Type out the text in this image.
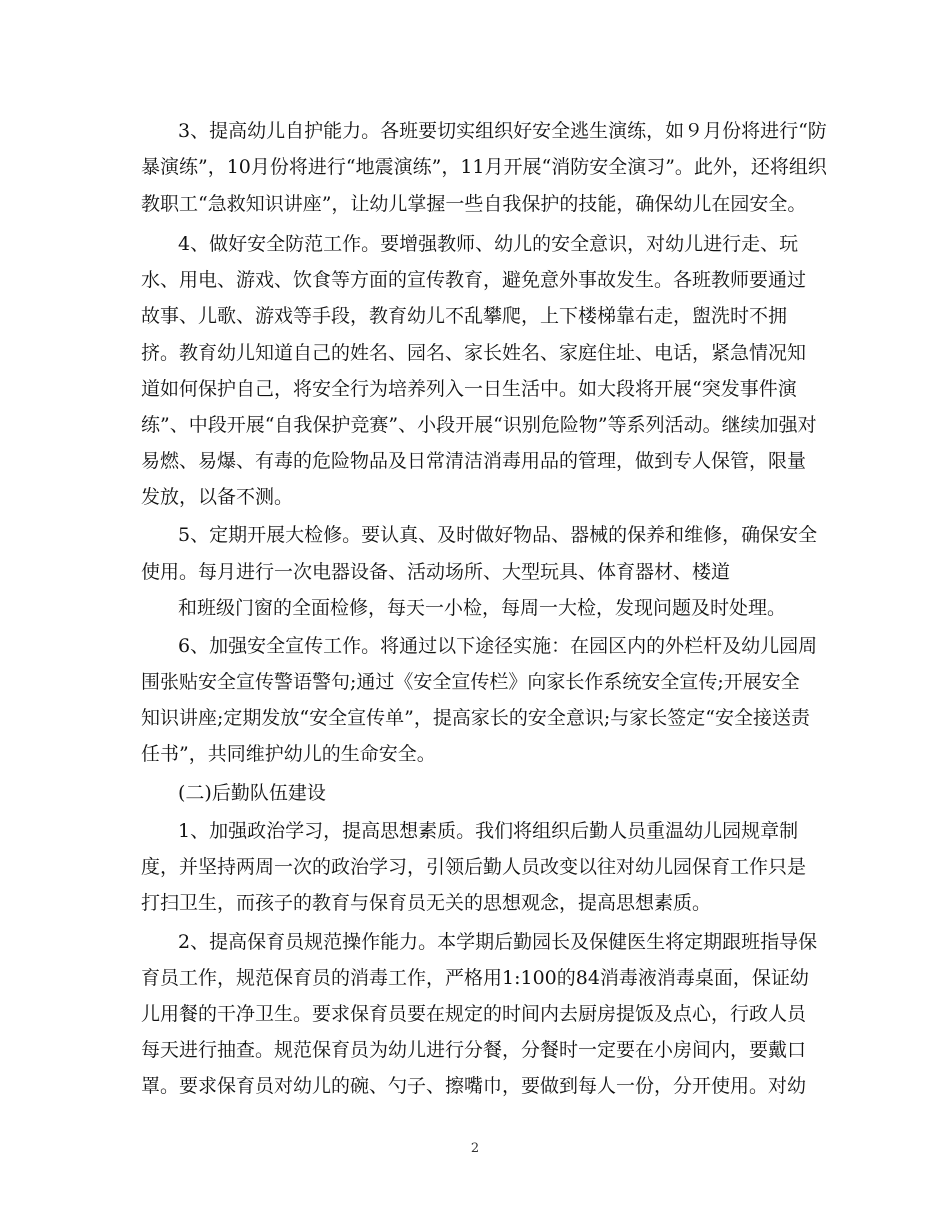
3、提高幼儿自护能力。各班要切实组织好安全逃生演练，如９月份将进行“防
暴演练”，10月份将进行“地震演练”，11月开展“消防安全演习”。此外，还将组织
教职工“急救知识讲座”，让幼儿掌握一些自我保护的技能，确保幼儿在园安全。
4、做好安全防范工作。要增强教师、幼儿的安全意识，对幼儿进行走、玩
水、用电、游戏、饮食等方面的宣传教育，避免意外事故发生。各班教师要通过
故事、儿歌、游戏等手段，教育幼儿不乱攀爬，上下楼梯靠右走，盥洗时不拥
挤。教育幼儿知道自己的姓名、园名、家长姓名、家庭住址、电话，紧急情况知
道如何保护自己，将安全行为培养列入一日生活中。如大段将开展“突发事件演
练”、中段开展“自我保护竞赛”、小段开展“识别危险物”等系列活动。继续加强对
易燃、易爆、有毒的危险物品及日常清洁消毒用品的管理，做到专人保管，限量
发放，以备不测。
5、定期开展大检修。要认真、及时做好物品、器械的保养和维修，确保安全
使用。每月进行一次电器设备、活动场所、大型玩具、体育器材、楼道
和班级门窗的全面检修，每天一小检，每周一大检，发现问题及时处理。
6、加强安全宣传工作。将通过以下途径实施：在园区内的外栏杆及幼儿园周
围张贴安全宣传警语警句;通过《安全宣传栏》向家长作系统安全宣传;开展安全
知识讲座;定期发放“安全宣传单”，提高家长的安全意识;与家长签定“安全接送责
任书”，共同维护幼儿的生命安全。
(二)后勤队伍建设
1、加强政治学习，提高思想素质。我们将组织后勤人员重温幼儿园规章制
度，并坚持两周一次的政治学习，引领后勤人员改变以往对幼儿园保育工作只是
打扫卫生，而孩子的教育与保育员无关的思想观念，提高思想素质。
2、提高保育员规范操作能力。本学期后勤园长及保健医生将定期跟班指导保
育员工作，规范保育员的消毒工作，严格用1:100的84消毒液消毒桌面，保证幼
儿用餐的干净卫生。要求保育员要在规定的时间内去厨房提饭及点心，行政人员
每天进行抽查。规范保育员为幼儿进行分餐，分餐时一定要在小房间内，要戴口
罩。要求保育员对幼儿的碗、勺子、擦嘴巾，要做到每人一份，分开使用。对幼
2
